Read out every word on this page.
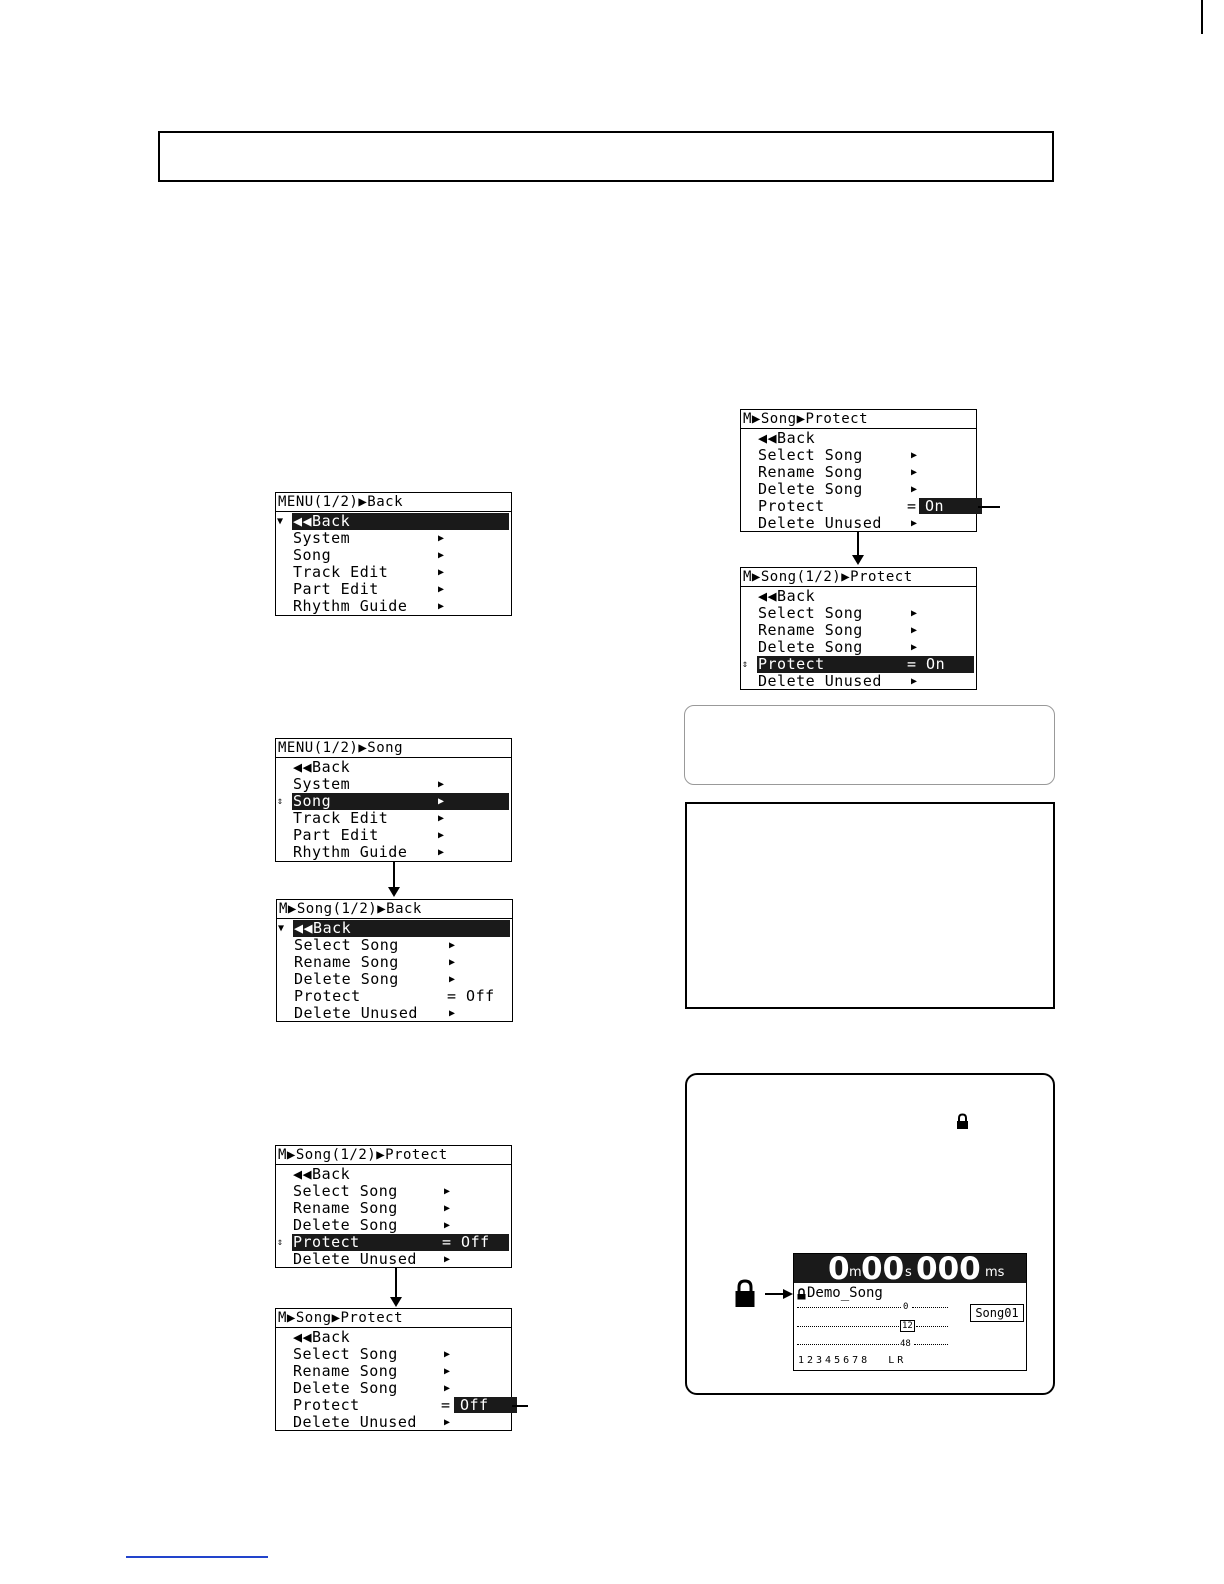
MENU(1/2)▶Back
▼ ◀◀Back
System	▶
Song	▶
Track Edit	▶
Part Edit	▶
Rhythm Guide	▶
MENU(1/2)▶Song
◀◀Back
System	▶
⇕ Song	▶
Track Edit	▶
Part Edit	▶
Rhythm Guide	▶
M▶Song(1/2)▶Back
▼ ◀◀Back
Select Song	▶
Rename Song	▶
Delete Song	▶
Protect	= Off
Delete Unused	▶
M▶Song(1/2)▶Protect
◀◀Back
Select Song	▶
Rename Song	▶
Delete Song	▶
⇕ Protect	= Off
Delete Unused	▶
M▶Song▶Protect
◀◀Back
Select Song	▶
Rename Song	▶
Delete Song	▶
Protect	= Off
Delete Unused	▶
M▶Song▶Protect
◀◀Back
Select Song	▶
Rename Song	▶
Delete Song	▶
Protect	= On
Delete Unused	▶
M▶Song(1/2)▶Protect
◀◀Back
Select Song	▶
Rename Song	▶
Delete Song	▶
⇕ Protect	= On
Delete Unused	▶
0 m 00 s 000 ms
Demo_Song
Song01
0
12
48
12345678  LR
